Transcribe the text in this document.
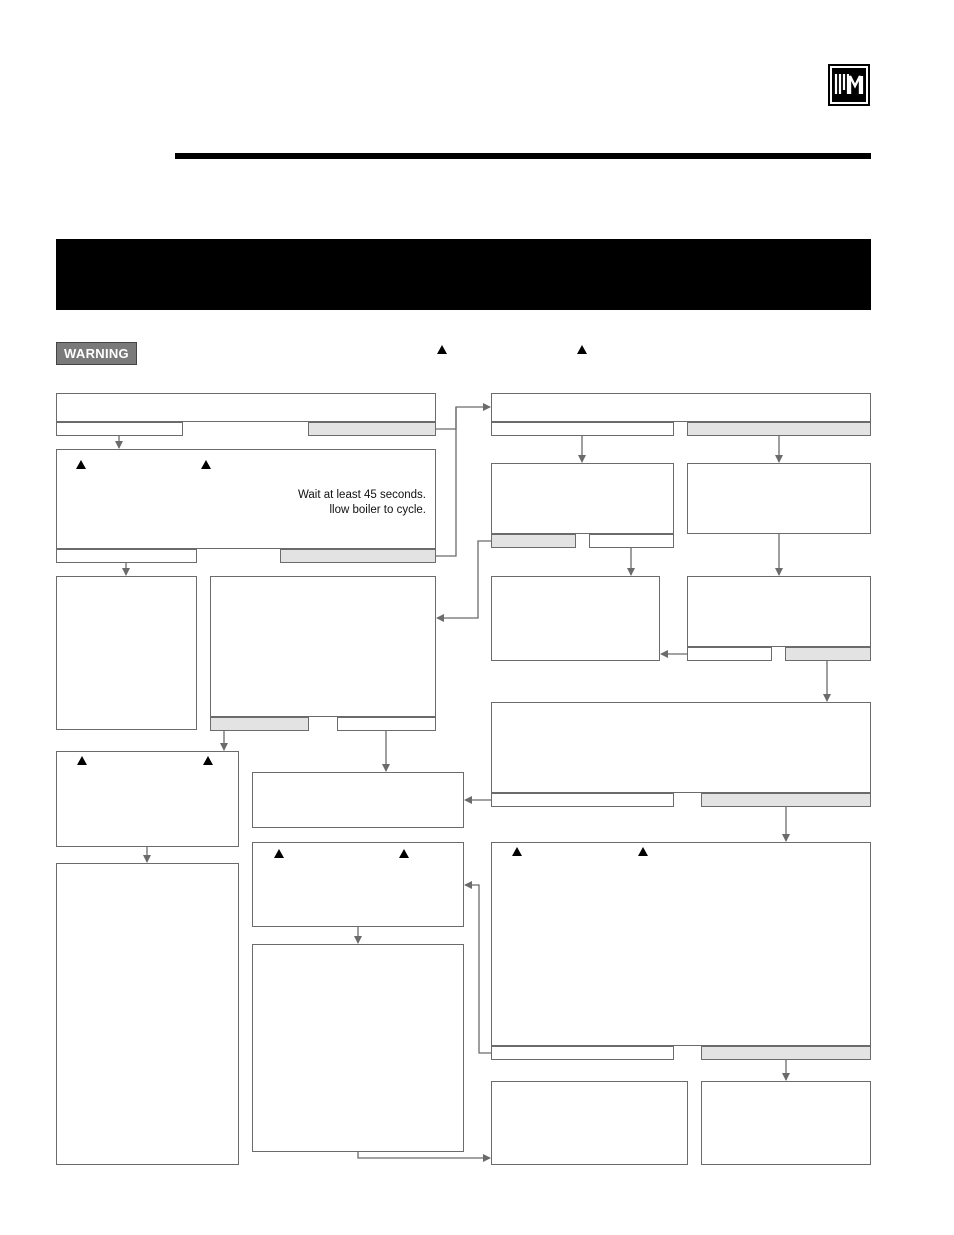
WARNING
Wait at least 45 seconds.
llow boiler to cycle.
